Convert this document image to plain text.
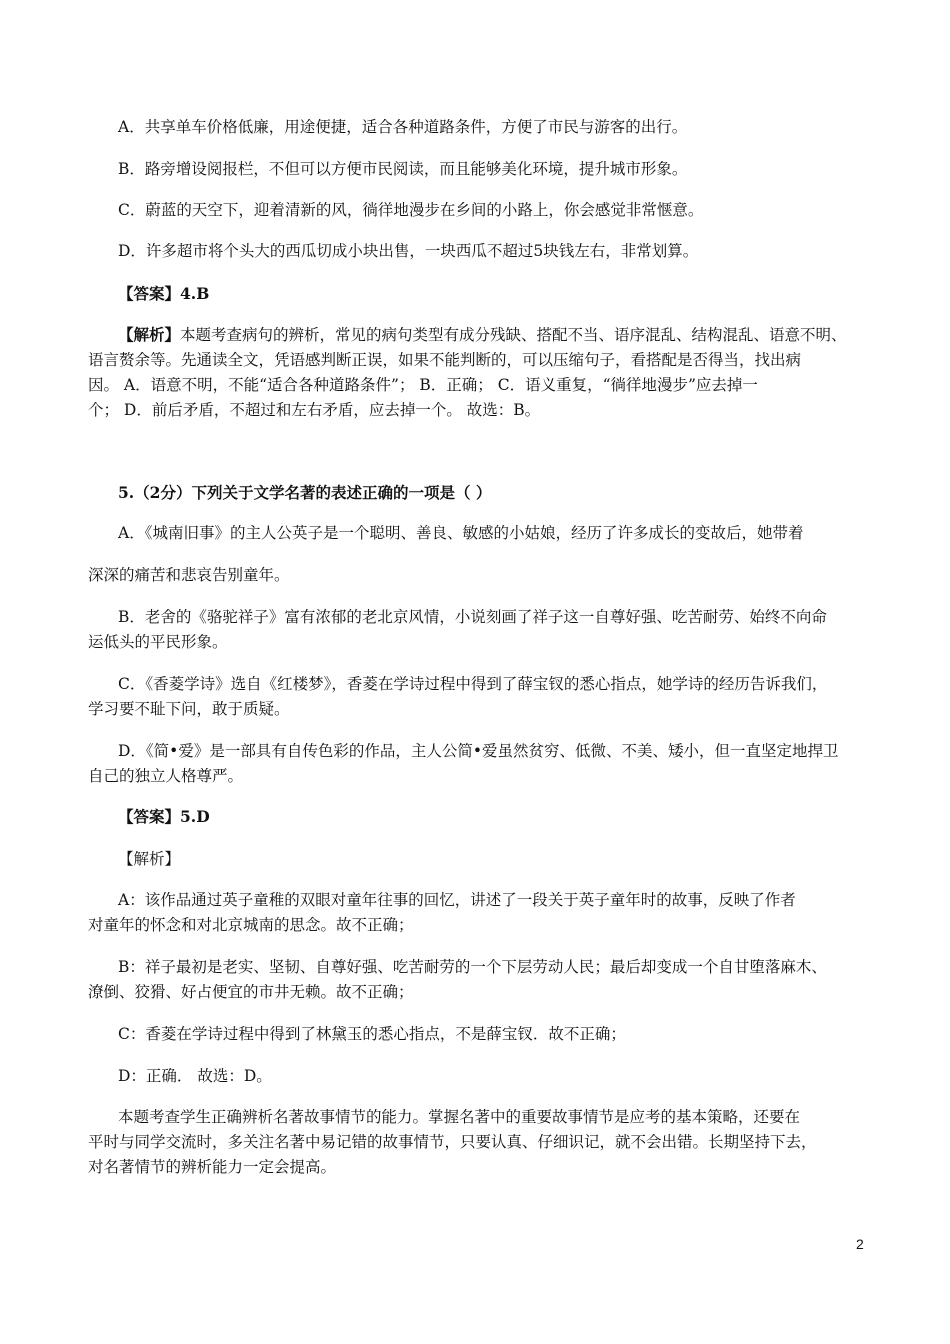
A．共享单车价格低廉，用途便捷，适合各种道路条件，方便了市民与游客的出行。
B．路旁增设阅报栏，不但可以方便市民阅读，而且能够美化环境，提升城市形象。
C．蔚蓝的天空下，迎着清新的风，徜徉地漫步在乡间的小路上，你会感觉非常惬意。
D．许多超市将个头大的西瓜切成小块出售，一块西瓜不超过5块钱左右，非常划算。
【答案】4.B
【解析】本题考查病句的辨析，常见的病句类型有成分残缺、搭配不当、语序混乱、结构混乱、语意不明、
语言赘余等。先通读全文，凭语感判断正误，如果不能判断的，可以压缩句子，看搭配是否得当，找出病
因。 A．语意不明，不能“适合各种道路条件”； B．正确； C．语义重复，“徜徉地漫步”应去掉一
个； D．前后矛盾，不超过和左右矛盾，应去掉一个。 故选：B。
5.（2分）下列关于文学名著的表述正确的一项是（ ）
A．《城南旧事》的主人公英子是一个聪明、善良、敏感的小姑娘，经历了许多成长的变故后，她带着
深深的痛苦和悲哀告别童年。
B．老舍的《骆驼祥子》富有浓郁的老北京风情，小说刻画了祥子这一自尊好强、吃苦耐劳、始终不向命
运低头的平民形象。
C．《香菱学诗》选自《红楼梦》，香菱在学诗过程中得到了薛宝钗的悉心指点，她学诗的经历告诉我们，
学习要不耻下问，敢于质疑。
D．《简•爱》是一部具有自传色彩的作品，主人公简•爱虽然贫穷、低微、不美、矮小，但一直坚定地捍卫
自己的独立人格尊严。
【答案】5.D
【解析】
A：该作品通过英子童稚的双眼对童年往事的回忆，讲述了一段关于英子童年时的故事，反映了作者
对童年的怀念和对北京城南的思念。故不正确；
B：祥子最初是老实、坚韧、自尊好强、吃苦耐劳的一个下层劳动人民；最后却变成一个自甘堕落麻木、
潦倒、狡猾、好占便宜的市井无赖。故不正确；
C：香菱在学诗过程中得到了林黛玉的悉心指点，不是薛宝钗．故不正确；
D：正确． 故选：D。
本题考查学生正确辨析名著故事情节的能力。掌握名著中的重要故事情节是应考的基本策略，还要在
平时与同学交流时，多关注名著中易记错的故事情节，只要认真、仔细识记，就不会出错。长期坚持下去，
对名著情节的辨析能力一定会提高。
2
